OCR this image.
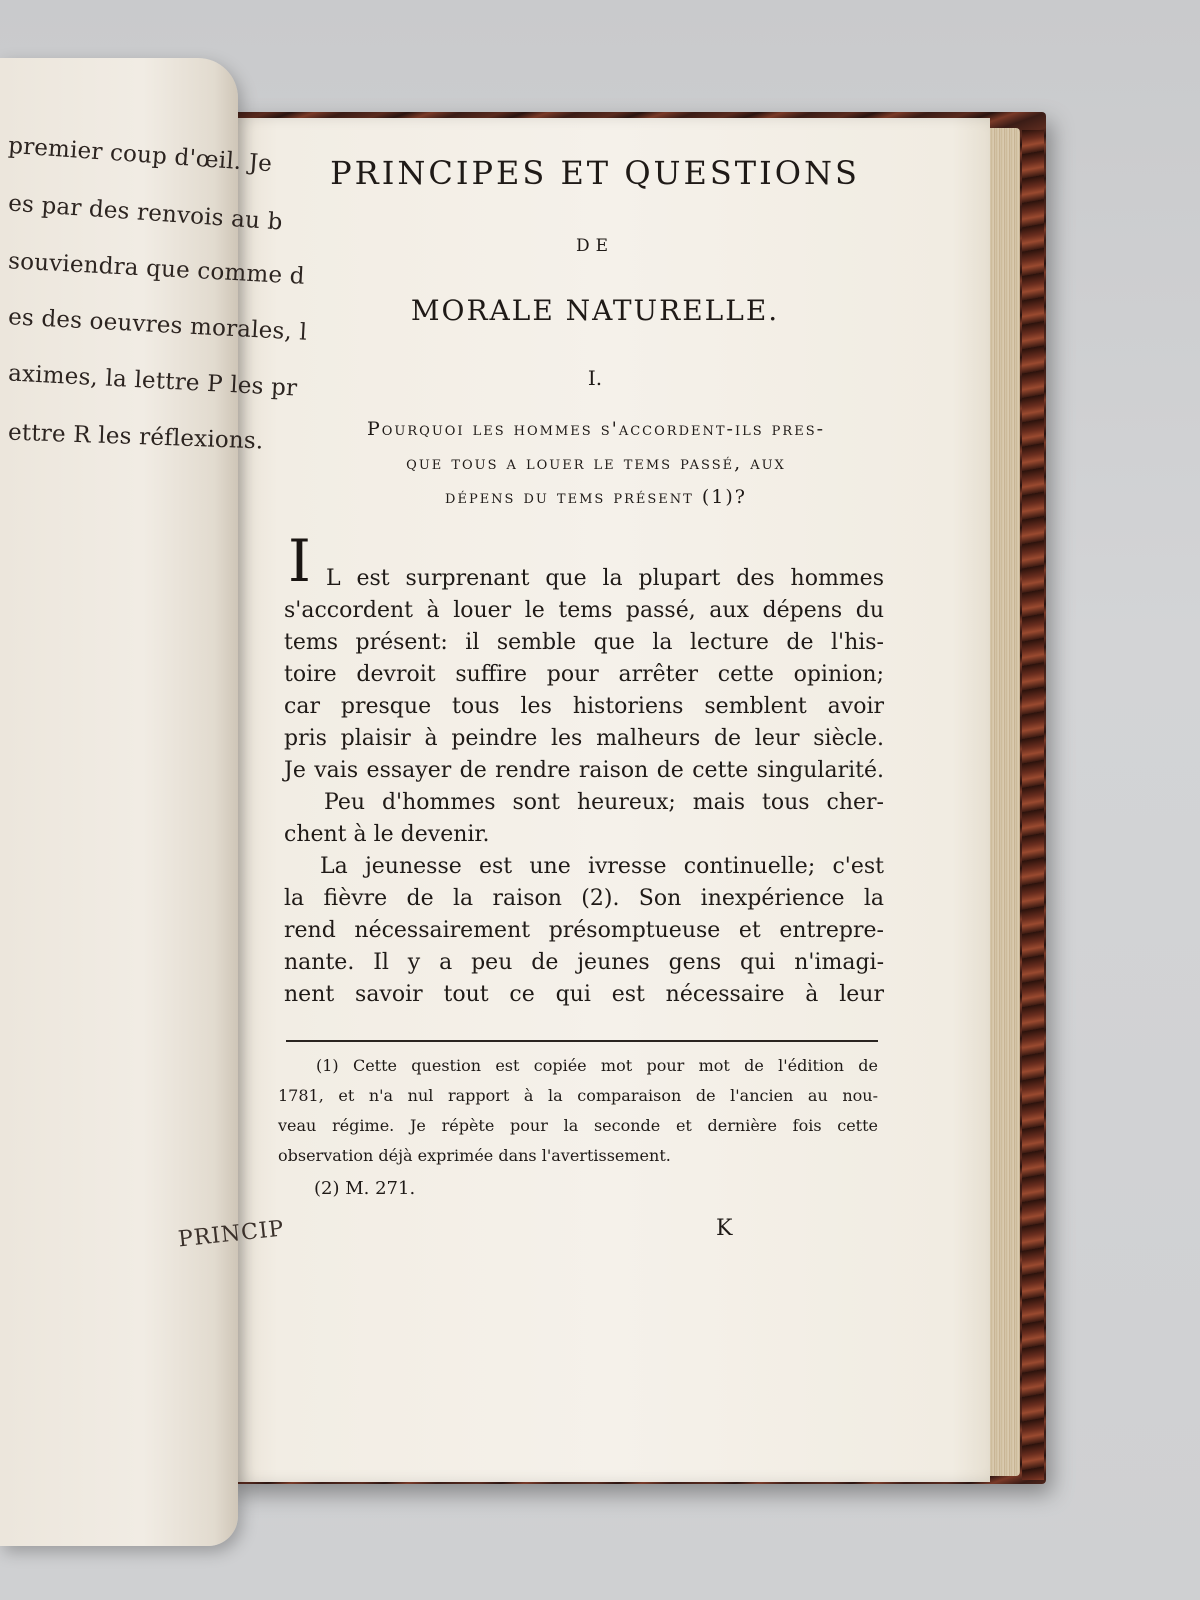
premier coup d'œil. Je
es par des renvois au b
souviendra que comme d
es des oeuvres morales, l
aximes, la lettre P les pr
ettre R les réflexions.
PRINCIP
PRINCIPES ET QUESTIONS
DE
MORALE NATURELLE.
I.
Pourquoi les hommes s'accordent-ils pres-
que tous a louer le tems passé, aux
dépens du tems présent (1)?
I L est surprenant que la plupart des hommes
s'accordent à louer le tems passé, aux dépens du
tems présent: il semble que la lecture de l'his-
toire devroit suffire pour arrêter cette opinion;
car presque tous les historiens semblent avoir
pris plaisir à peindre les malheurs de leur siècle.
Je vais essayer de rendre raison de cette singularité.
Peu d'hommes sont heureux; mais tous cher-
chent à le devenir.
La jeunesse est une ivresse continuelle; c'est
la fièvre de la raison (2). Son inexpérience la
rend nécessairement présomptueuse et entrepre-
nante. Il y a peu de jeunes gens qui n'imagi-
nent savoir tout ce qui est nécessaire à leur
(1) Cette question est copiée mot pour mot de l'édition de
1781, et n'a nul rapport à la comparaison de l'ancien au nou-
veau régime. Je répète pour la seconde et dernière fois cette
observation déjà exprimée dans l'avertissement.
(2) M. 271.
K
